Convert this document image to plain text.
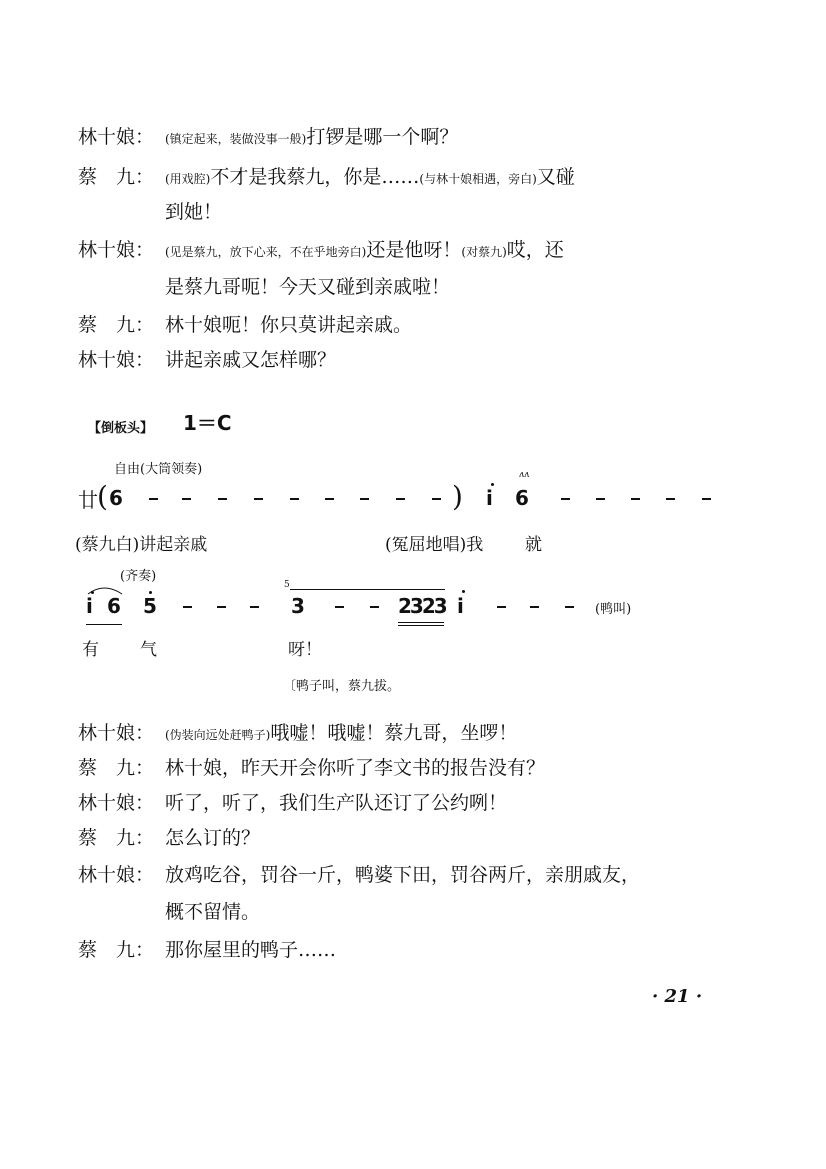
林十娘： (镇定起来，装做没事一般)打锣是哪一个啊？
蔡　九： (用戏腔)不才是我蔡九，你是……(与林十娘相遇，旁白)又碰
到她！
林十娘： (见是蔡九，放下心来，不在乎地旁白)还是他呀！(对蔡九)哎，还
是蔡九哥呃！今天又碰到亲戚啦！
蔡　九： 林十娘呃！你只莫讲起亲戚。
林十娘： 讲起亲戚又怎样哪？
【倒板头】 1＝C
自由(大筒领奏)
廿 ( 6	) i
ʌʌ
6
(蔡九白)讲起亲戚	(冤屈地唱)我 就
(齐奏)
i 6 5
5
3	2323 i	(鸭叫)
有 气	呀！
〔鸭子叫，蔡九拔。
林十娘： (伪装向远处赶鸭子)哦嘘！哦嘘！蔡九哥，坐啰！
蔡　九： 林十娘，昨天开会你听了李文书的报告没有？
林十娘： 听了，听了，我们生产队还订了公约咧！
蔡　九： 怎么订的？
林十娘： 放鸡吃谷，罚谷一斤，鸭婆下田，罚谷两斤，亲朋戚友，
概不留情。
蔡　九： 那你屋里的鸭子……
· 21 ·
